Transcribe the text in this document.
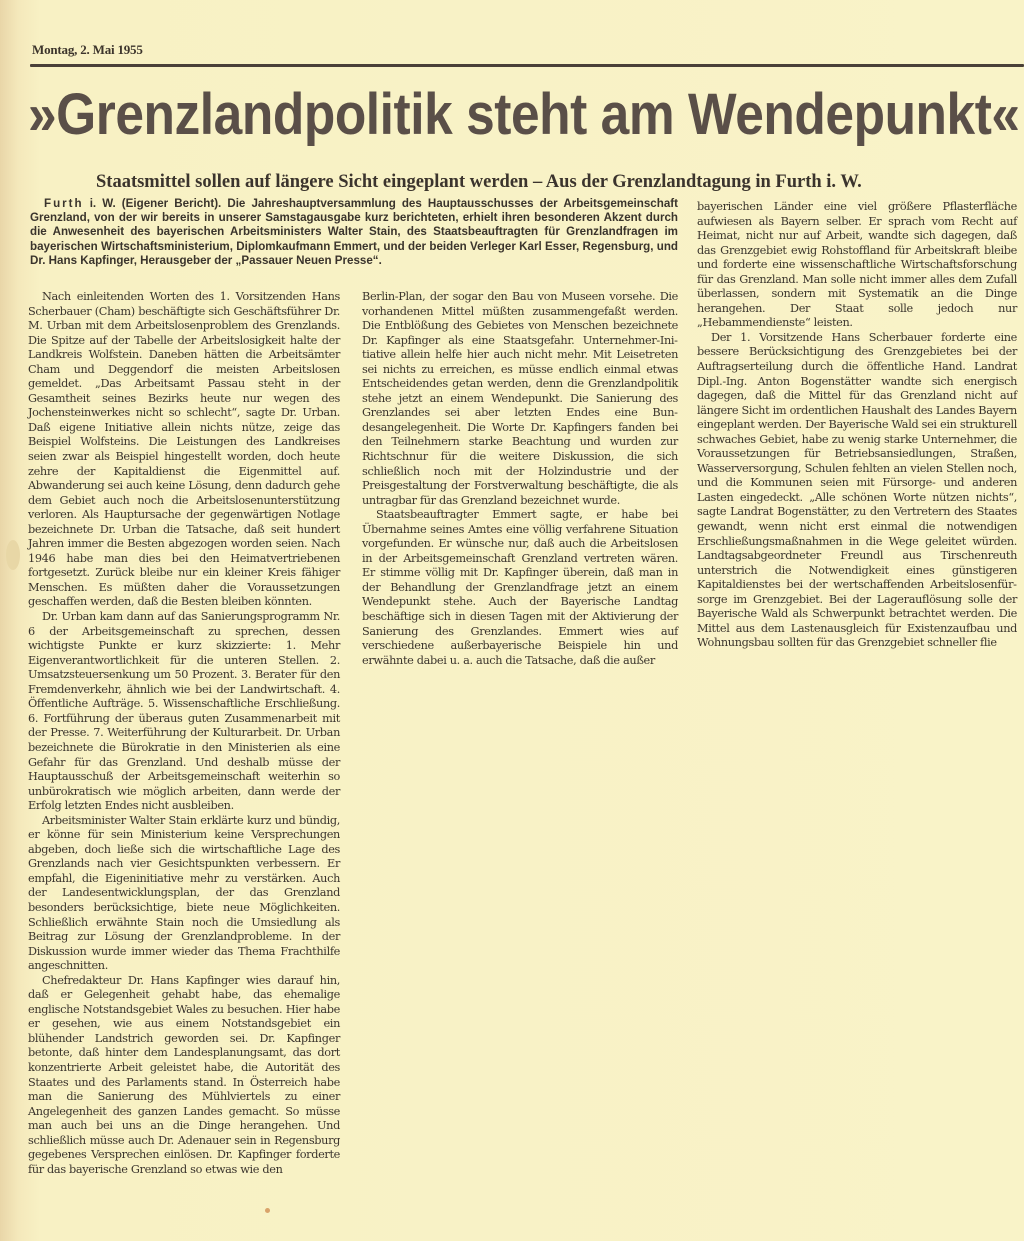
Montag, 2. Mai 1955
»Grenzlandpolitik steht am Wendepunkt«
Staatsmittel sollen auf längere Sicht eingeplant werden – Aus der Grenzlandtagung in Furth i. W.
Furth i. W. (Eigener Bericht). Die Jahreshauptversammlung des Hauptausschusses der Arbeitsgemeinschaft Grenzland, von der wir bereits in unserer Samstagausgabe kurz berichteten, erhielt ihren besonderen Akzent durch die Anwesenheit des bayerischen Arbeitsministers Walter Stain, des Staatsbeauftragten für Grenzlandfragen im bayerischen Wirtschaftsministerium, Diplomkaufmann Emmert, und der beiden Verleger Karl Esser, Regensburg, und Dr. Hans Kapfinger, Herausgeber der „Passauer Neuen Presse“.

Nach einleitenden Worten des 1. Vorsitzenden Hans Scherbauer (Cham) beschäftigte sich Geschäftsführer Dr. M. Urban mit dem Arbeitslosenproblem des Grenzlands. Die Spitze auf der Tabelle der Arbeitslosigkeit halte der Landkreis Wolfstein. Daneben hätten die Arbeitsämter Cham und Deggendorf die meisten Arbeitslosen gemeldet. „Das Arbeitsamt Passau steht in der Gesamtheit seines Bezirks heute nur wegen des Jochensteinwerkes nicht so schlecht“, sagte Dr. Urban. Daß eigene Initiative allein nichts nütze, zeige das Beispiel Wolfsteins. Die Leistungen des Landkreises seien zwar als Beispiel hingestellt worden, doch heute zehre der Kapitaldienst die Eigenmittel auf. Abwanderung sei auch keine Lösung, denn dadurch gehe dem Gebiet auch noch die Arbeitslosenunterstützung verloren. Als Hauptursache der gegenwärtigen Notlage bezeichnete Dr. Urban die Tatsache, daß seit hundert Jahren immer die Besten abgezogen worden seien. Nach 1946 habe man dies bei den Heimatvertriebenen fortgesetzt. Zurück bleibe nur ein kleiner Kreis fähiger Menschen. Es müßten daher die Voraussetzungen geschaffen werden, daß die Besten bleiben könnten.

Dr. Urban kam dann auf das Sanierungsprogramm Nr. 6 der Arbeitsgemeinschaft zu sprechen, dessen wichtigste Punkte er kurz skizzierte: 1. Mehr Eigenverantwortlichkeit für die unteren Stellen. 2. Umsatzsteuersenkung um 50 Prozent. 3. Berater für den Fremdenverkehr, ähnlich wie bei der Landwirtschaft. 4. Öffentliche Aufträge. 5. Wissenschaftliche Erschließung. 6. Fortführung der überaus guten Zusammenarbeit mit der Presse. 7. Weiterführung der Kulturarbeit. Dr. Urban bezeichnete die Bürokratie in den Ministerien als eine Gefahr für das Grenzland. Und deshalb müsse der Hauptausschuß der Arbeitsgemeinschaft weiterhin so unbürokratisch wie möglich arbeiten, dann werde der Erfolg letzten Endes nicht ausbleiben.

Arbeitsminister Walter Stain erklärte kurz und bündig, er könne für sein Ministerium keine Versprechungen abgeben, doch ließe sich die wirtschaftliche Lage des Grenzlands nach vier Gesichtspunkten verbessern. Er empfahl, die Eigeninitiative mehr zu verstärken. Auch der Landesentwicklungsplan, der das Grenzland besonders berücksichtige, biete neue Möglichkeiten. Schließlich erwähnte Stain noch die Umsiedlung als Beitrag zur Lösung der Grenzlandprobleme. In der Diskussion wurde immer wieder das Thema Frachthilfe angeschnitten.

Chefredakteur Dr. Hans Kapfinger wies darauf hin, daß er Gelegenheit gehabt habe, das ehemalige englische Notstandsgebiet Wales zu besuchen. Hier habe er gesehen, wie aus einem Notstandsgebiet ein blühender Landstrich geworden sei. Dr. Kapfinger betonte, daß hinter dem Landesplanungsamt, das dort konzentrierte Arbeit geleistet habe, die Autorität des Staates und des Parlaments stand. In Österreich habe man die Sanierung des Mühlviertels zu einer Angelegenheit des ganzen Landes gemacht. So müsse man auch bei uns an die Dinge herangehen. Und schließlich müsse auch Dr. Adenauer sein in Regensburg gegebenes Versprechen einlösen. Dr. Kapfinger forderte für das bayerische Grenzland so etwas wie den

Berlin-Plan, der sogar den Bau von Museen vorsehe. Die vorhandenen Mittel müßten zusammengefaßt werden. Die Entblößung des Gebietes von Menschen bezeichnete Dr. Kapfinger als eine Staatsgefahr. Unternehmer-Initiative allein helfe hier auch nicht mehr. Mit Leisetreten sei nichts zu erreichen, es müsse endlich einmal etwas Entscheidendes getan werden, denn die Grenzlandpolitik stehe jetzt an einem Wendepunkt. Die Sanierung des Grenzlandes sei aber letzten Endes eine Bundesangelegenheit. Die Worte Dr. Kapfingers fanden bei den Teilnehmern starke Beachtung und wurden zur Richtschnur für die weitere Diskussion, die sich schließlich noch mit der Holzindustrie und der Preisgestaltung der Forstverwaltung beschäftigte, die als untragbar für das Grenzland bezeichnet wurde.

Staatsbeauftragter Emmert sagte, er habe bei Übernahme seines Amtes eine völlig verfahrene Situation vorgefunden. Er wünsche nur, daß auch die Arbeitslosen in der Arbeitsgemeinschaft Grenzland vertreten wären. Er stimme völlig mit Dr. Kapfinger überein, daß man in der Behandlung der Grenzlandfrage jetzt an einem Wendepunkt stehe. Auch der Bayerische Landtag beschäftige sich in diesen Tagen mit der Aktivierung der Sanierung des Grenzlandes. Emmert wies auf verschiedene außerbayerische Beispiele hin und erwähnte dabei u. a. auch die Tatsache, daß die außer

bayerischen Länder eine viel größere Pflasterfläche aufwiesen als Bayern selber. Er sprach vom Recht auf Heimat, nicht nur auf Arbeit, wandte sich dagegen, daß das Grenzgebiet ewig Rohstoffland für Arbeitskraft bleibe und forderte eine wissenschaftliche Wirtschaftsforschung für das Grenzland. Man solle nicht immer alles dem Zufall überlassen, sondern mit Systematik an die Dinge herangehen. Der Staat solle jedoch nur „Hebammendienste“ leisten.

Der 1. Vorsitzende Hans Scherbauer forderte eine bessere Berücksichtigung des Grenzgebietes bei der Auftragserteilung durch die öffentliche Hand. Landrat Dipl.-Ing. Anton Bogenstätter wandte sich energisch dagegen, daß die Mittel für das Grenzland nicht auf längere Sicht im ordentlichen Haushalt des Landes Bayern eingeplant werden. Der Bayerische Wald sei ein strukturell schwaches Gebiet, habe zu wenig starke Unternehmer, die Voraussetzungen für Betriebsansiedlungen, Straßen, Wasserversorgung, Schulen fehlten an vielen Stellen noch, und die Kommunen seien mit Fürsorge- und anderen Lasten eingedeckt. „Alle schönen Worte nützen nichts“, sagte Landrat Bogenstätter, zu den Vertretern des Staates gewandt, wenn nicht erst einmal die notwendigen Erschließungsmaßnahmen in die Wege geleitet würden. Landtagsabgeordneter Freundl aus Tirschenreuth unterstrich die Notwendigkeit eines günstigeren Kapitaldienstes bei der wertschaffenden Arbeitslosenfürsorge im Grenzgebiet. Bei der Lagerauflösung solle der Bayerische Wald als Schwerpunkt betrachtet werden. Die Mittel aus dem Lastenausgleich für Existenzaufbau und Wohnungsbau sollten für das Grenzgebiet schneller flie
